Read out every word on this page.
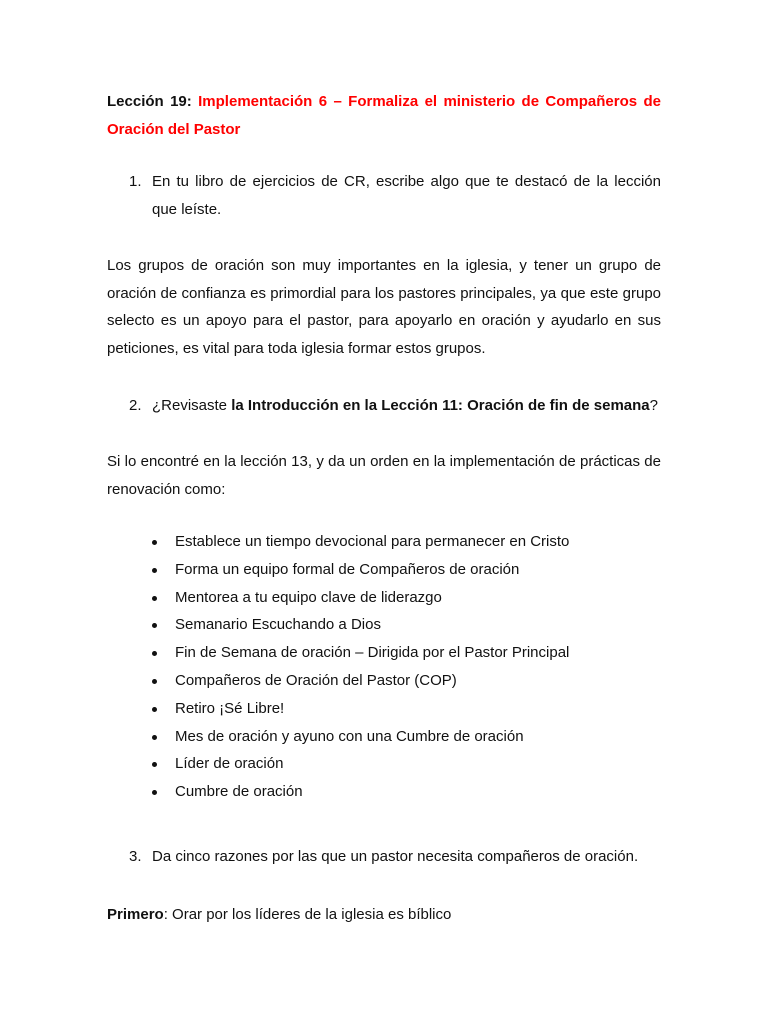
Lección 19: Implementación 6 – Formaliza el ministerio de Compañeros de Oración del Pastor

1. En tu libro de ejercicios de CR, escribe algo que te destacó de la lección que leíste.

Los grupos de oración son muy importantes en la iglesia, y tener un grupo de oración de confianza es primordial para los pastores principales, ya que este grupo selecto es un apoyo para el pastor, para apoyarlo en oración y ayudarlo en sus peticiones, es vital para toda iglesia formar estos grupos.

2. ¿Revisaste la Introducción en la Lección 11: Oración de fin de semana?

Si lo encontré en la lección 13, y da un orden en la implementación de prácticas de renovación como:

Establece un tiempo devocional para permanecer en Cristo
Forma un equipo formal de Compañeros de oración
Mentorea a tu equipo clave de liderazgo
Semanario Escuchando a Dios
Fin de Semana de oración – Dirigida por el Pastor Principal
Compañeros de Oración del Pastor (COP)
Retiro ¡Sé Libre!
Mes de oración y ayuno con una Cumbre de oración
Líder de oración
Cumbre de oración
3. Da cinco razones por las que un pastor necesita compañeros de oración.

Primero: Orar por los líderes de la iglesia es bíblico
